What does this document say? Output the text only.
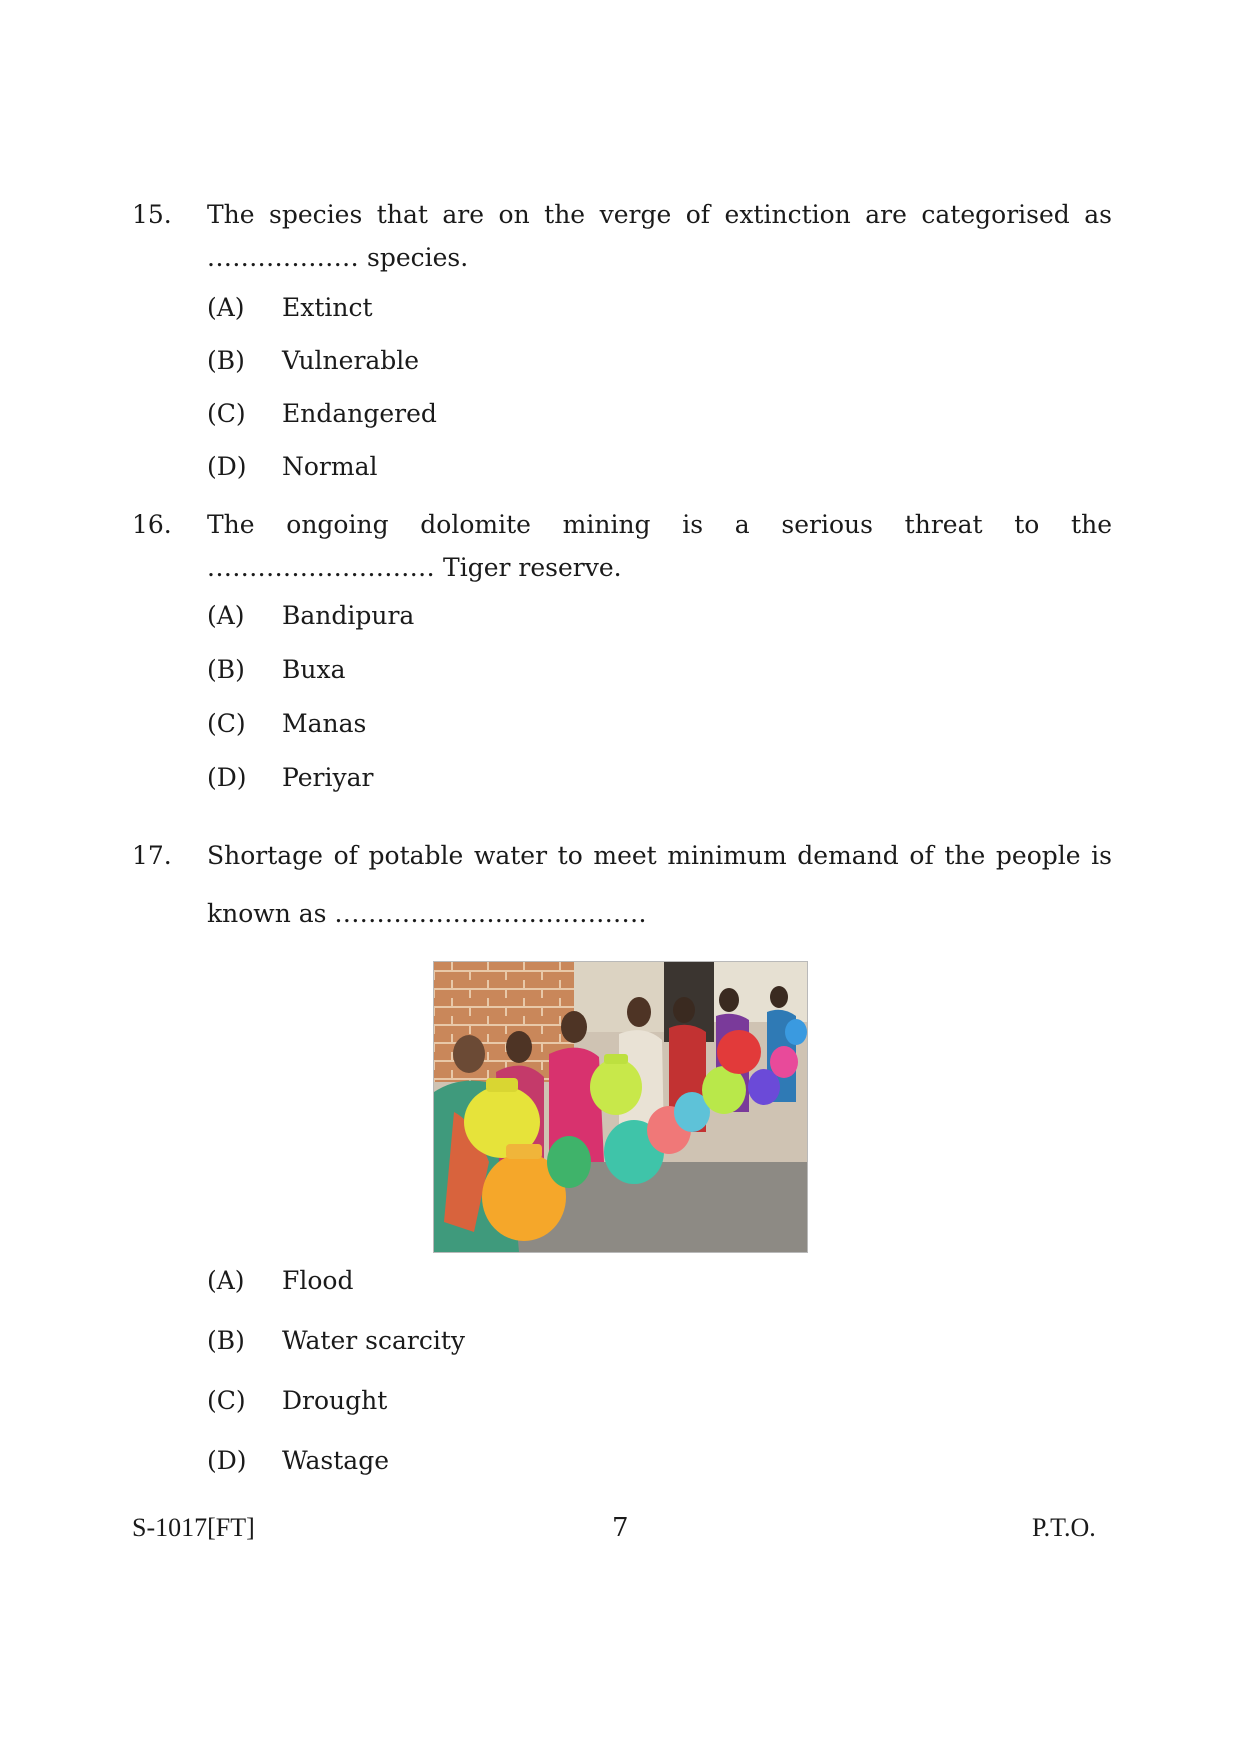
15. The species that are on the verge of extinction are categorised as .................. species.
(A) Extinct
(B) Vulnerable
(C) Endangered
(D) Normal
16. The ongoing dolomite mining is a serious threat to the ........................... Tiger reserve.
(A) Bandipura
(B) Buxa
(C) Manas
(D) Periyar
17. Shortage of potable water to meet minimum demand of the people is known as .....................................
(A) Flood
(B) Water scarcity
(C) Drought
(D) Wastage
S-1017[FT]	7	P.T.O.
